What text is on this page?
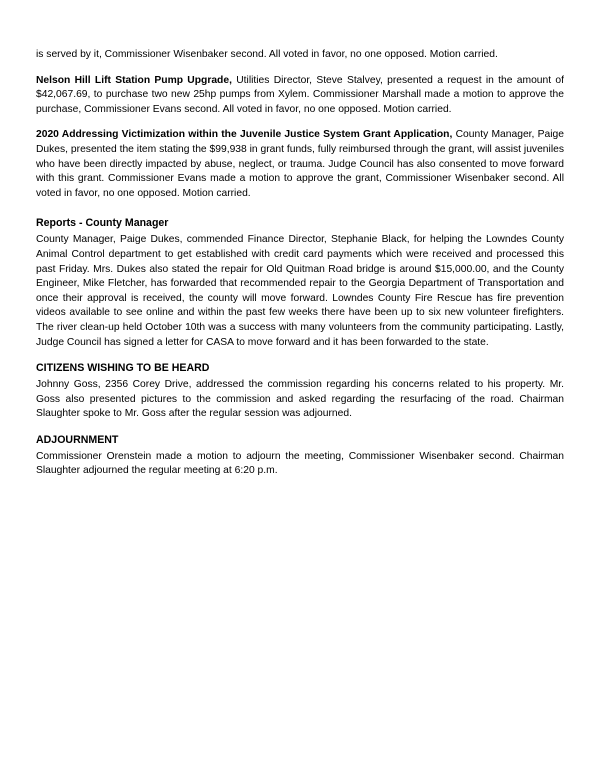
is served by it, Commissioner Wisenbaker second. All voted in favor, no one opposed. Motion carried.

Nelson Hill Lift Station Pump Upgrade, Utilities Director, Steve Stalvey, presented a request in the amount of $42,067.69, to purchase two new 25hp pumps from Xylem. Commissioner Marshall made a motion to approve the purchase, Commissioner Evans second. All voted in favor, no one opposed. Motion carried.

2020 Addressing Victimization within the Juvenile Justice System Grant Application, County Manager, Paige Dukes, presented the item stating the $99,938 in grant funds, fully reimbursed through the grant, will assist juveniles who have been directly impacted by abuse, neglect, or trauma. Judge Council has also consented to move forward with this grant. Commissioner Evans made a motion to approve the grant, Commissioner Wisenbaker second. All voted in favor, no one opposed. Motion carried.

Reports - County Manager

County Manager, Paige Dukes, commended Finance Director, Stephanie Black, for helping the Lowndes County Animal Control department to get established with credit card payments which were received and processed this past Friday. Mrs. Dukes also stated the repair for Old Quitman Road bridge is around $15,000.00, and the County Engineer, Mike Fletcher, has forwarded that recommended repair to the Georgia Department of Transportation and once their approval is received, the county will move forward. Lowndes County Fire Rescue has fire prevention videos available to see online and within the past few weeks there have been up to six new volunteer firefighters. The river clean-up held October 10th was a success with many volunteers from the community participating. Lastly, Judge Council has signed a letter for CASA to move forward and it has been forwarded to the state.

CITIZENS WISHING TO BE HEARD

Johnny Goss, 2356 Corey Drive, addressed the commission regarding his concerns related to his property. Mr. Goss also presented pictures to the commission and asked regarding the resurfacing of the road. Chairman Slaughter spoke to Mr. Goss after the regular session was adjourned.

ADJOURNMENT

Commissioner Orenstein made a motion to adjourn the meeting, Commissioner Wisenbaker second. Chairman Slaughter adjourned the regular meeting at 6:20 p.m.
